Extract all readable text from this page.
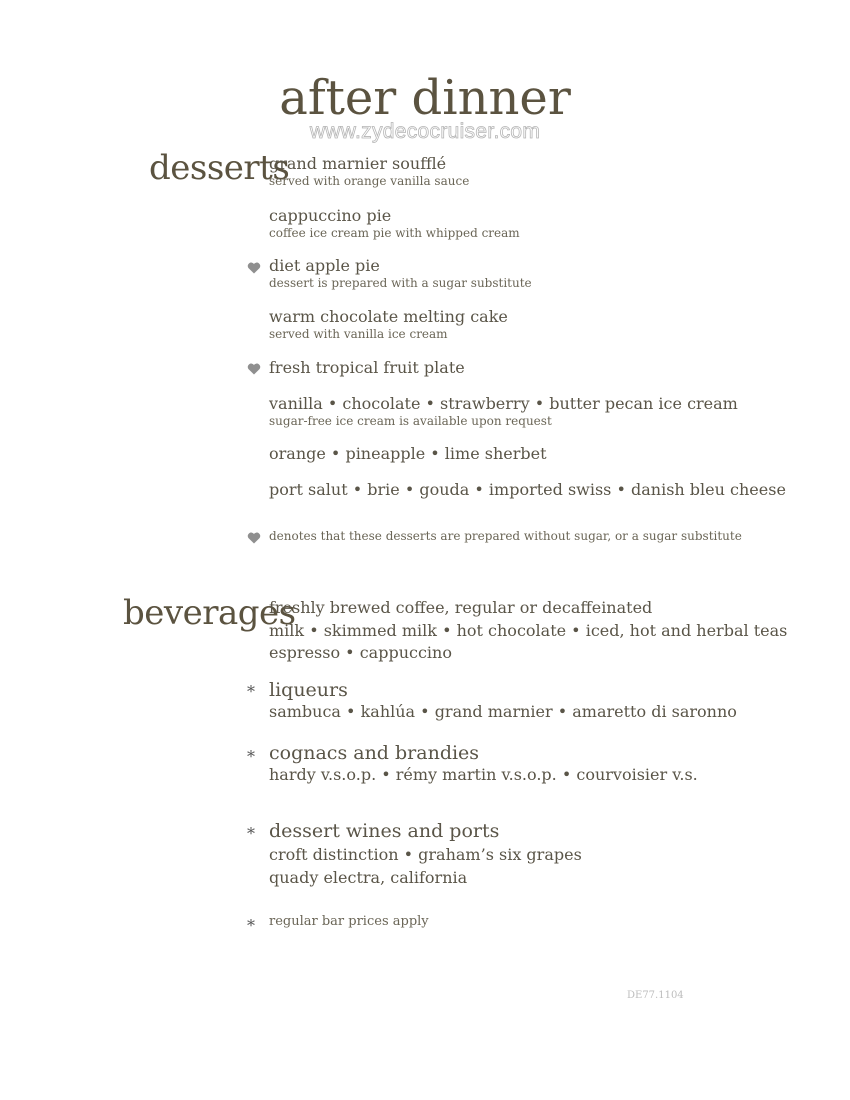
after dinner
www.zydecocruiser.com
desserts
grand marnier soufflé
served with orange vanilla sauce
cappuccino pie
coffee ice cream pie with whipped cream
diet apple pie
dessert is prepared with a sugar substitute
warm chocolate melting cake
served with vanilla ice cream
fresh tropical fruit plate
vanilla • chocolate • strawberry • butter pecan ice cream
sugar-free ice cream is available upon request
orange • pineapple • lime sherbet
port salut • brie • gouda • imported swiss • danish bleu cheese
denotes that these desserts are prepared without sugar, or a sugar substitute
beverages
freshly brewed coffee, regular or decaffeinated
milk • skimmed milk • hot chocolate • iced, hot and herbal teas
espresso • cappuccino
* liqueurs
sambuca • kahlúa • grand marnier • amaretto di saronno
* cognacs and brandies
hardy v.s.o.p. • rémy martin v.s.o.p. • courvoisier v.s.
* dessert wines and ports
croft distinction • graham’s six grapes
quady electra, california
* regular bar prices apply
DE77.1104
